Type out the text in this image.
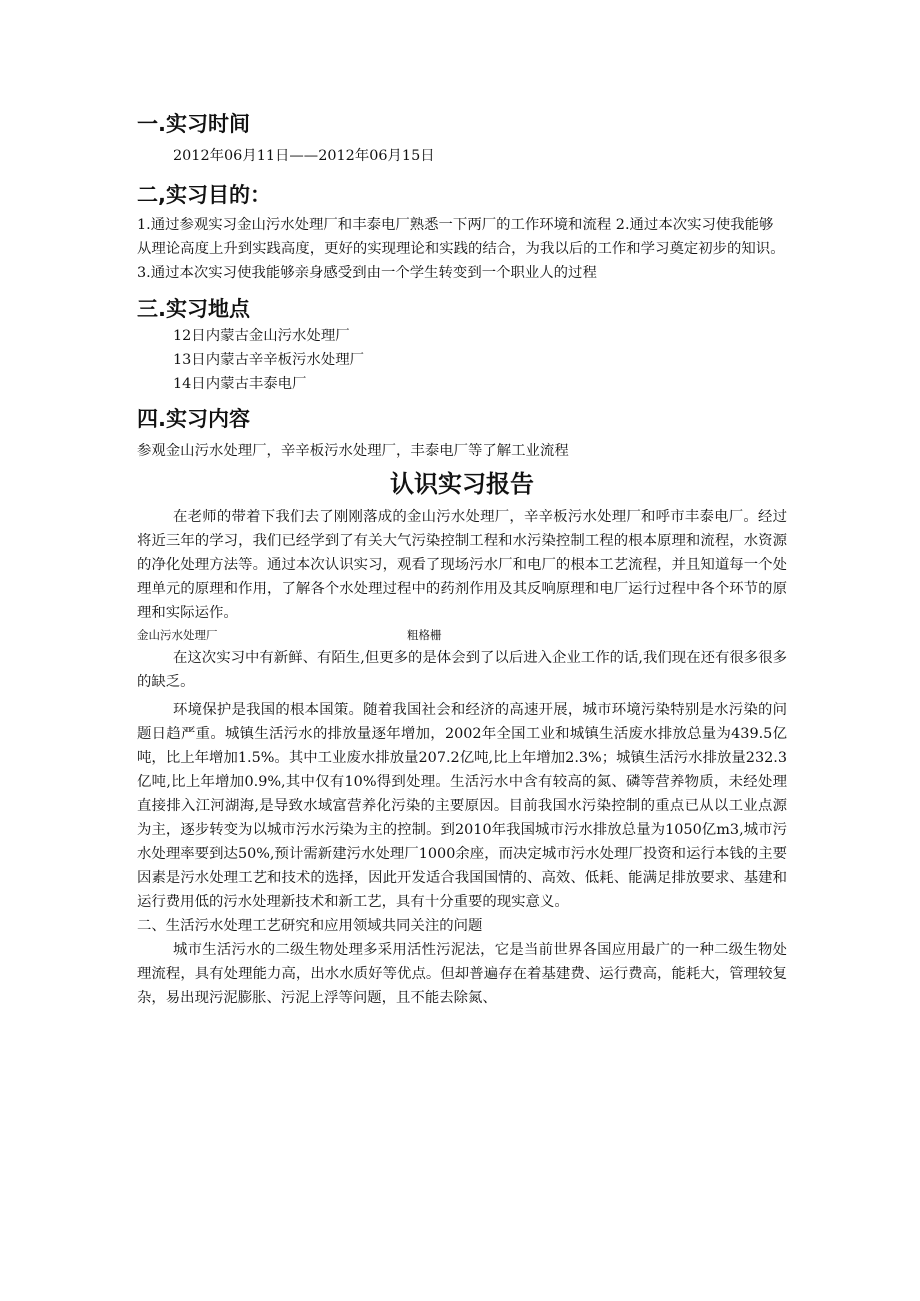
一.实习时间

2012年06月11日——2012年06月15日

二,实习目的：

1.通过参观实习金山污水处理厂和丰泰电厂熟悉一下两厂的工作环境和流程 2.通过本次实习使我能够从理论高度上升到实践高度，更好的实现理论和实践的结合，为我以后的工作和学习奠定初步的知识。

3.通过本次实习使我能够亲身感受到由一个学生转变到一个职业人的过程

三.实习地点

12日内蒙古金山污水处理厂

13日内蒙古辛辛板污水处理厂

14日内蒙古丰泰电厂

四.实习内容

参观金山污水处理厂，辛辛板污水处理厂，丰泰电厂等了解工业流程

认识实习报告

在老师的带着下我们去了刚刚落成的金山污水处理厂，辛辛板污水处理厂和呼市丰泰电厂。经过将近三年的学习，我们已经学到了有关大气污染控制工程和水污染控制工程的根本原理和流程，水资源的净化处理方法等。通过本次认识实习，观看了现场污水厂和电厂的根本工艺流程，并且知道每一个处理单元的原理和作用，了解各个水处理过程中的药剂作用及其反响原理和电厂运行过程中各个环节的原理和实际运作。

金山污水处理厂	粗格栅

在这次实习中有新鲜、有陌生,但更多的是体会到了以后进入企业工作的话,我们现在还有很多很多的缺乏。

环境保护是我国的根本国策。随着我国社会和经济的高速开展，城市环境污染特别是水污染的问题日趋严重。城镇生活污水的排放量逐年增加，2002年全国工业和城镇生活废水排放总量为439.5亿吨，比上年增加1.5%。其中工业废水排放量207.2亿吨,比上年增加2.3%；城镇生活污水排放量232.3亿吨,比上年增加0.9%,其中仅有10%得到处理。生活污水中含有较高的氮、磷等营养物质，未经处理直接排入江河湖海,是导致水域富营养化污染的主要原因。目前我国水污染控制的重点已从以工业点源为主，逐步转变为以城市污水污染为主的控制。到2010年我国城市污水排放总量为1050亿m3,城市污水处理率要到达50%,预计需新建污水处理厂1000余座，而决定城市污水处理厂投资和运行本钱的主要因素是污水处理工艺和技术的选择，因此开发适合我国国情的、高效、低耗、能满足排放要求、基建和运行费用低的污水处理新技术和新工艺，具有十分重要的现实意义。

二、生活污水处理工艺研究和应用领域共同关注的问题

城市生活污水的二级生物处理多采用活性污泥法，它是当前世界各国应用最广的一种二级生物处理流程，具有处理能力高，出水水质好等优点。但却普遍存在着基建费、运行费高，能耗大，管理较复杂，易出现污泥膨胀、污泥上浮等问题，且不能去除氮、
